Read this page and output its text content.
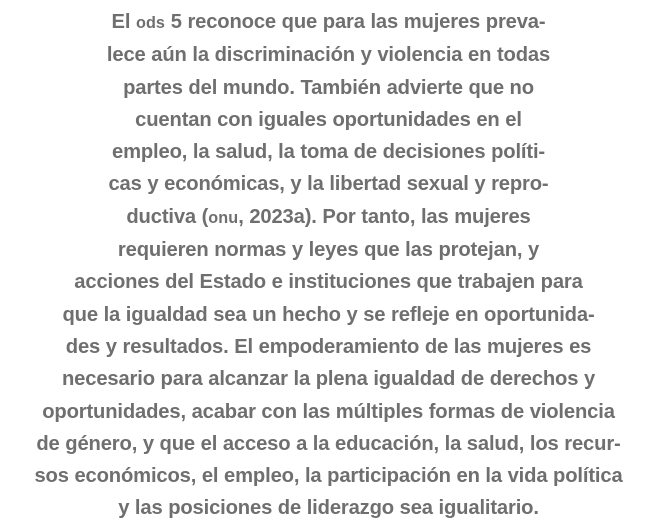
El ods 5 reconoce que para las mujeres preva-
lece aún la discriminación y violencia en todas
partes del mundo. También advierte que no
cuentan con iguales oportunidades en el
empleo, la salud, la toma de decisiones políti-
cas y económicas, y la libertad sexual y repro-
ductiva (onu, 2023a). Por tanto, las mujeres
requieren normas y leyes que las protejan, y
acciones del Estado e instituciones que trabajen para
que la igualdad sea un hecho y se refleje en oportunida-
des y resultados. El empoderamiento de las mujeres es
necesario para alcanzar la plena igualdad de derechos y
oportunidades, acabar con las múltiples formas de violencia
de género, y que el acceso a la educación, la salud, los recur-
sos económicos, el empleo, la participación en la vida política
y las posiciones de liderazgo sea igualitario.
